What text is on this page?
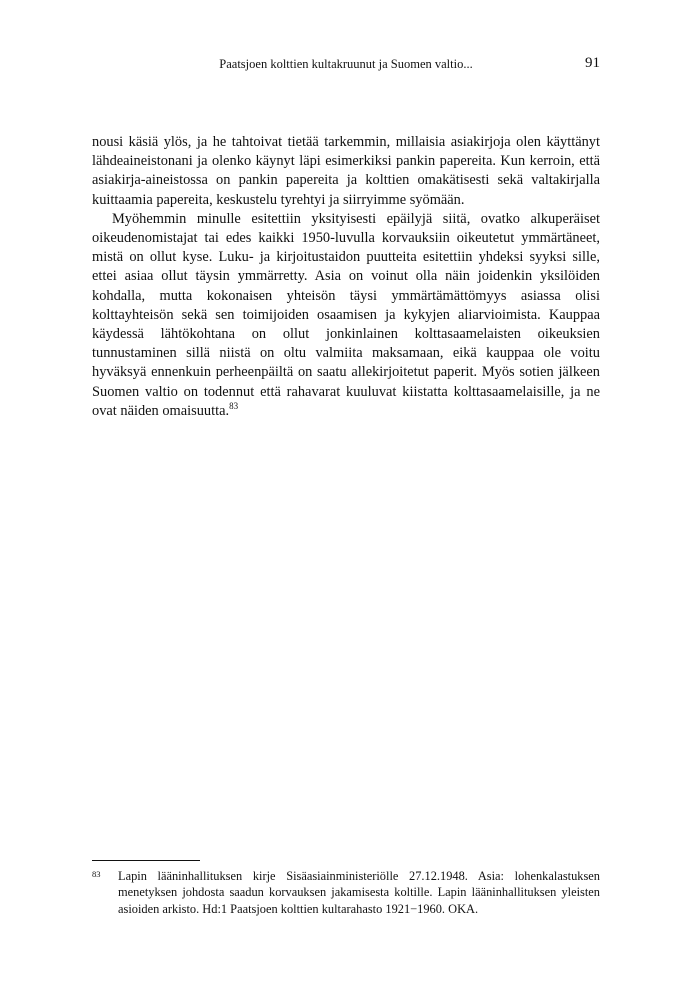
Paatsjoen kolttien kultakruunut ja Suomen valtio...	91

nousi käsiä ylös, ja he tahtoivat tietää tarkemmin, millaisia asiakirjoja olen käyttänyt lähdeaineistonani ja olenko käynyt läpi esimerkiksi pankin papereita. Kun kerroin, että asiakirja-aineistossa on pankin papereita ja kolttien omakätisesti sekä valtakirjalla kuittaamia papereita, keskustelu tyrehtyi ja siirryimme syömään.

Myöhemmin minulle esitettiin yksityisesti epäilyjä siitä, ovatko alkuperäiset oikeudenomistajat tai edes kaikki 1950-luvulla korvauksiin oikeutetut ymmärtäneet, mistä on ollut kyse. Luku- ja kirjoitustaidon puutteita esitettiin yhdeksi syyksi sille, ettei asiaa ollut täysin ymmärretty. Asia on voinut olla näin joidenkin yksilöiden kohdalla, mutta kokonaisen yhteisön täysi ymmärtämättömyys asiassa olisi kolttayhteisön sekä sen toimijoiden osaamisen ja kykyjen aliarvioimista. Kauppaa käydessä lähtökohtana on ollut jonkinlainen kolttasaamelaisten oikeuksien tunnustaminen sillä niistä on oltu valmiita maksamaan, eikä kauppaa ole voitu hyväksyä ennenkuin perheenpäiltä on saatu allekirjoitetut paperit. Myös sotien jälkeen Suomen valtio on todennut että rahavarat kuuluvat kiistatta kolttasaamelaisille, ja ne ovat näiden omaisuutta.$^{83}$

83 Lapin lääninhallituksen kirje Sisäasiainministeriölle 27.12.1948. Asia: lohenkalastuksen menetyksen johdosta saadun korvauksen jakamisesta koltille. Lapin lääninhallituksen yleisten asioiden arkisto. Hd:1 Paatsjoen kolttien kultarahasto 1921−1960. OKA.
